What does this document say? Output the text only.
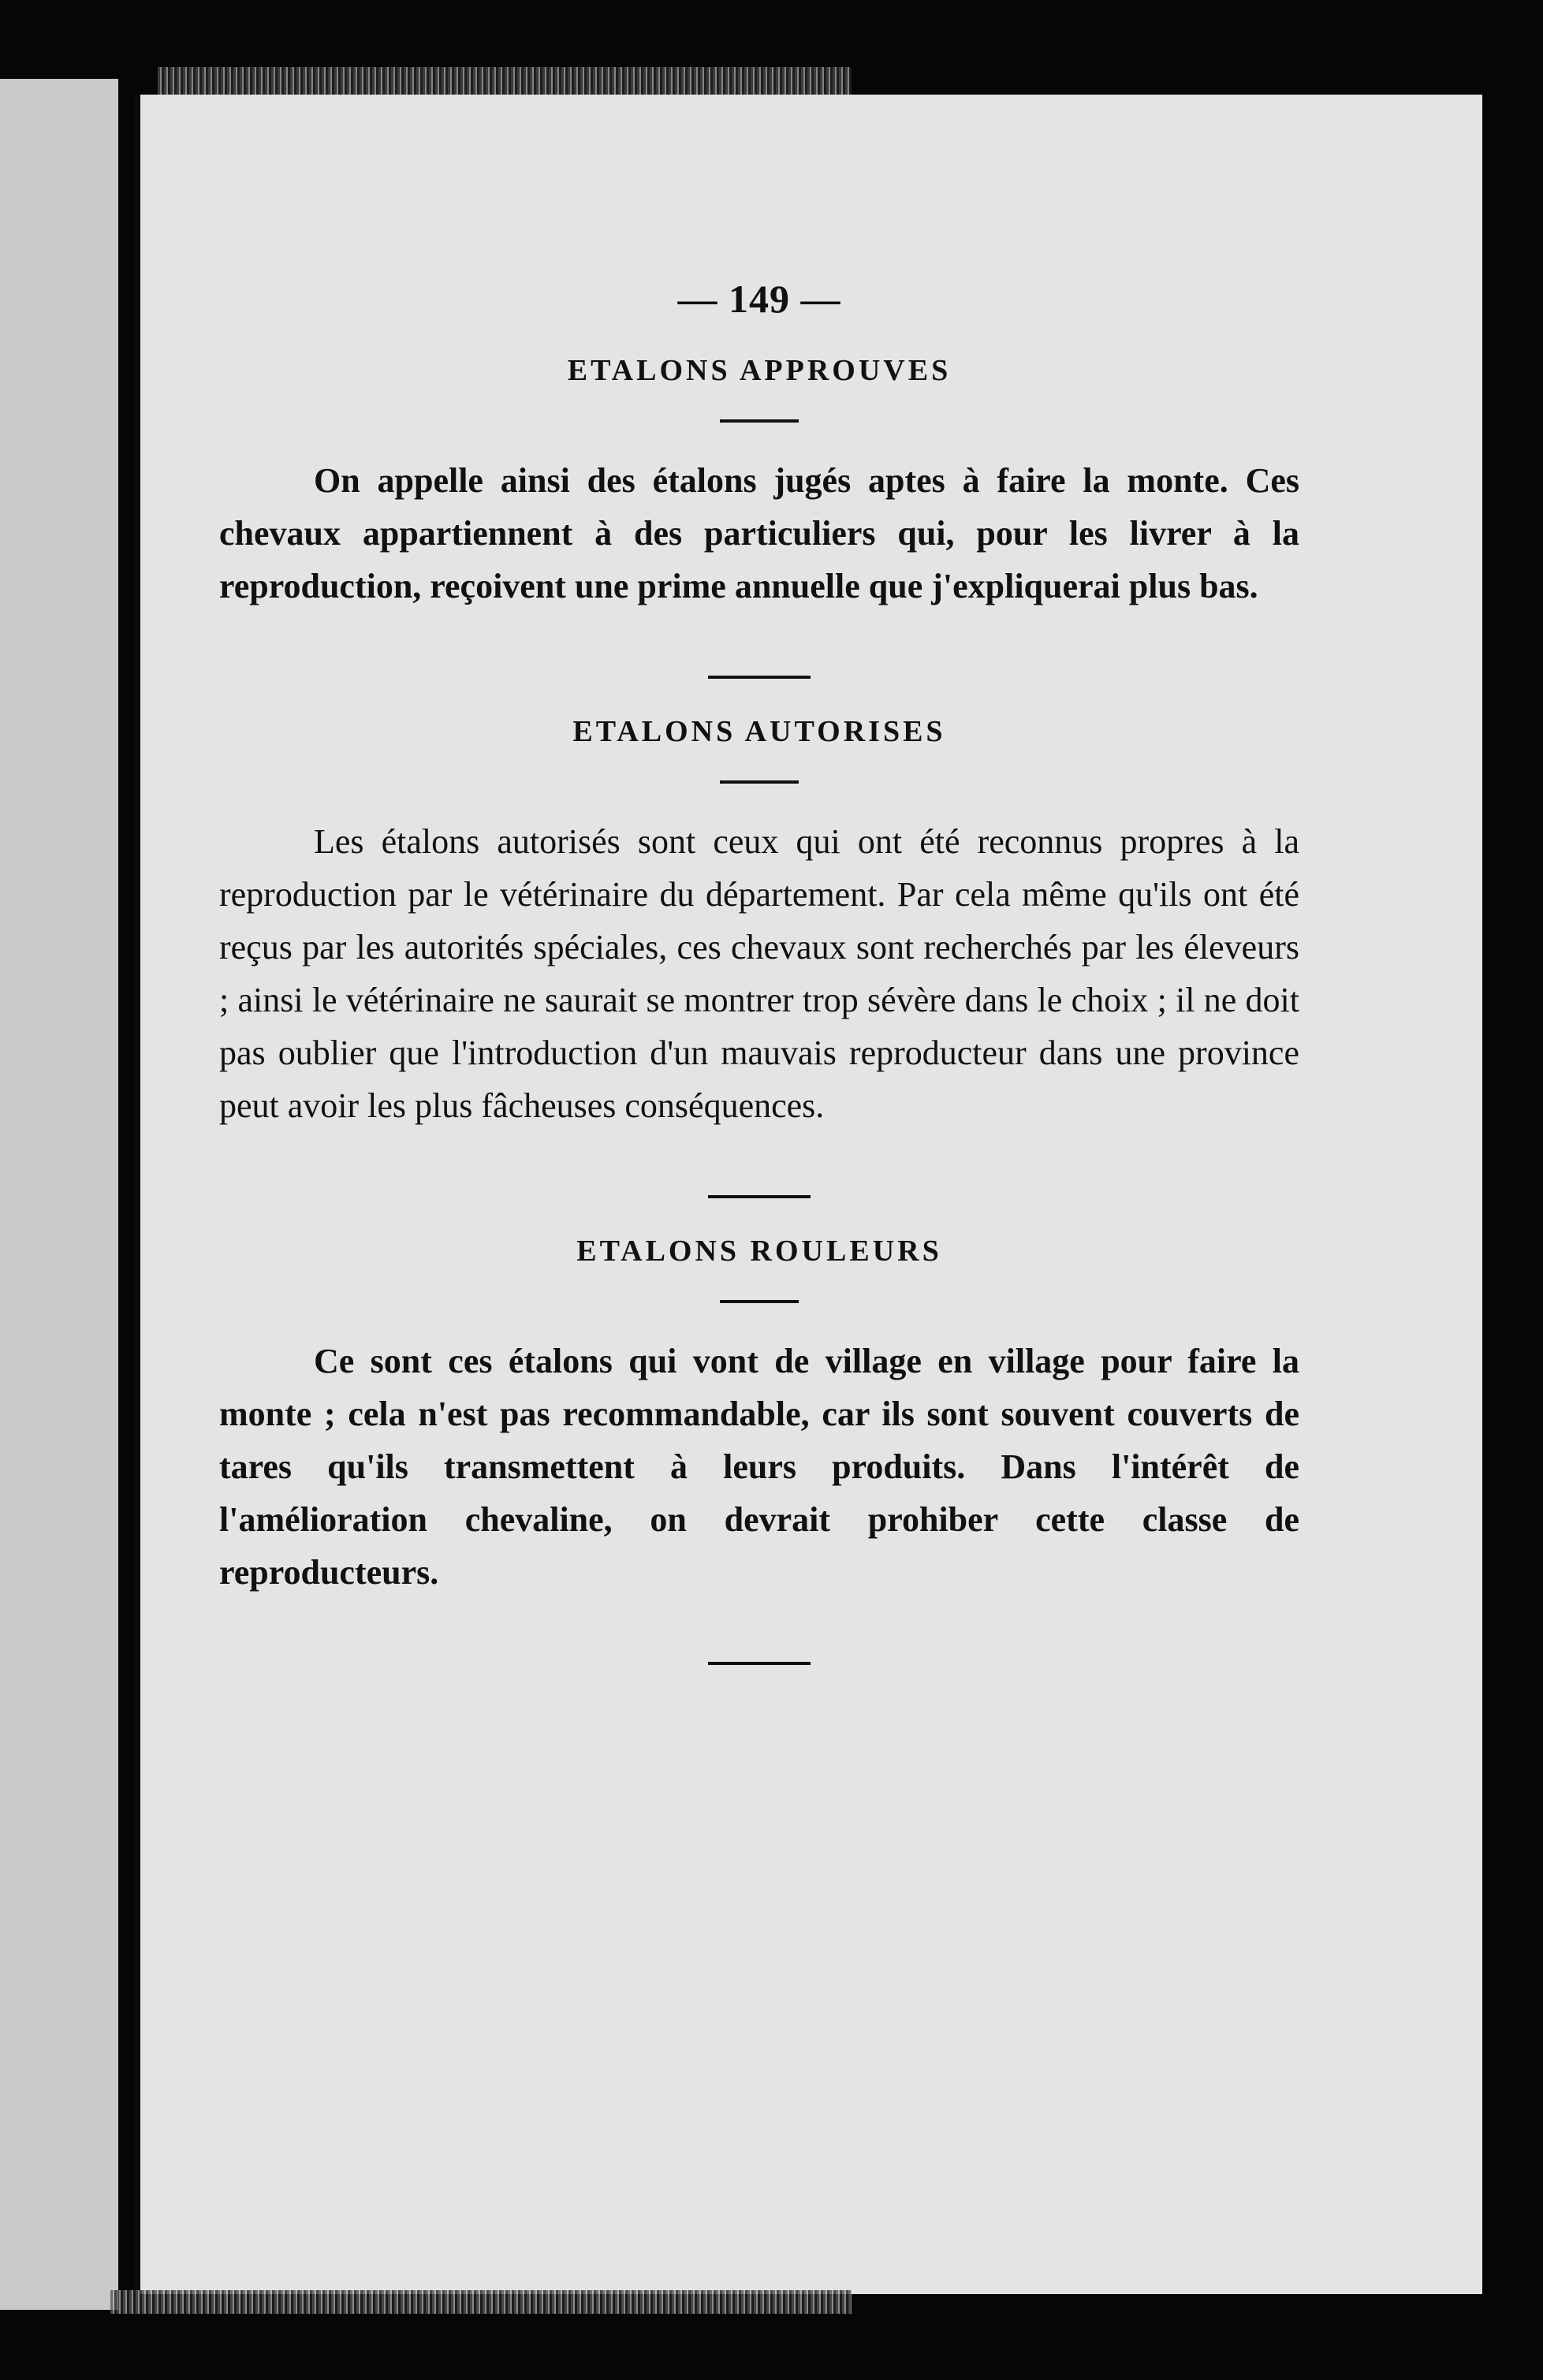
— 149 —
ETALONS APPROUVES

On appelle ainsi des étalons jugés aptes à faire la monte. Ces chevaux appartiennent à des particuliers qui, pour les livrer à la reproduction, reçoivent une prime annuelle que j'expliquerai plus bas.

ETALONS AUTORISES

Les étalons autorisés sont ceux qui ont été reconnus propres à la reproduction par le vétérinaire du département. Par cela même qu'ils ont été reçus par les autorités spéciales, ces chevaux sont recherchés par les éleveurs ; ainsi le vétérinaire ne saurait se montrer trop sévère dans le choix ; il ne doit pas oublier que l'introduction d'un mauvais reproducteur dans une province peut avoir les plus fâcheuses conséquences.

ETALONS ROULEURS

Ce sont ces étalons qui vont de village en village pour faire la monte ; cela n'est pas recommandable, car ils sont souvent couverts de tares qu'ils transmettent à leurs produits. Dans l'intérêt de l'amélioration chevaline, on devrait prohiber cette classe de reproducteurs.
